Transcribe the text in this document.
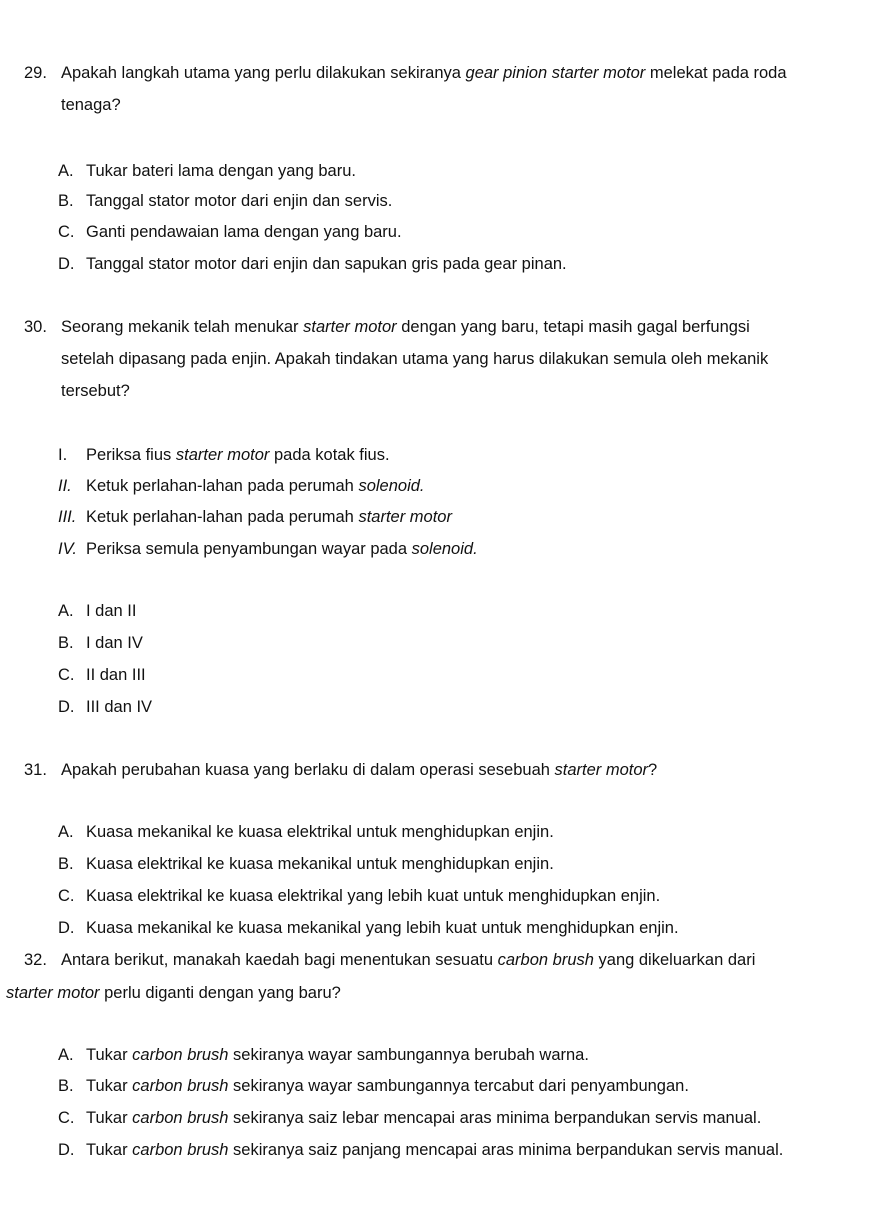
29. Apakah langkah utama yang perlu dilakukan sekiranya gear pinion starter motor melekat pada roda
tenaga?
A. Tukar bateri lama dengan yang baru.
B. Tanggal stator motor dari enjin dan servis.
C. Ganti pendawaian lama dengan yang baru.
D. Tanggal stator motor dari enjin dan sapukan gris pada gear pinan.
30. Seorang mekanik telah menukar starter motor dengan yang baru, tetapi masih gagal berfungsi
setelah dipasang pada enjin. Apakah tindakan utama yang harus dilakukan semula oleh mekanik
tersebut?
I. Periksa fius starter motor pada kotak fius.
II. Ketuk perlahan-lahan pada perumah solenoid.
III. Ketuk perlahan-lahan pada perumah starter motor
IV. Periksa semula penyambungan wayar pada solenoid.
A. I dan II
B. I dan IV
C. II dan III
D. III dan IV
31. Apakah perubahan kuasa yang berlaku di dalam operasi sesebuah starter motor?
A. Kuasa mekanikal ke kuasa elektrikal untuk menghidupkan enjin.
B. Kuasa elektrikal ke kuasa mekanikal untuk menghidupkan enjin.
C. Kuasa elektrikal ke kuasa elektrikal yang lebih kuat untuk menghidupkan enjin.
D. Kuasa mekanikal ke kuasa mekanikal yang lebih kuat untuk menghidupkan enjin.
32. Antara berikut, manakah kaedah bagi menentukan sesuatu carbon brush yang dikeluarkan dari
starter motor perlu diganti dengan yang baru?
A. Tukar carbon brush sekiranya wayar sambungannya berubah warna.
B. Tukar carbon brush sekiranya wayar sambungannya tercabut dari penyambungan.
C. Tukar carbon brush sekiranya saiz lebar mencapai aras minima berpandukan servis manual.
D. Tukar carbon brush sekiranya saiz panjang mencapai aras minima berpandukan servis manual.
